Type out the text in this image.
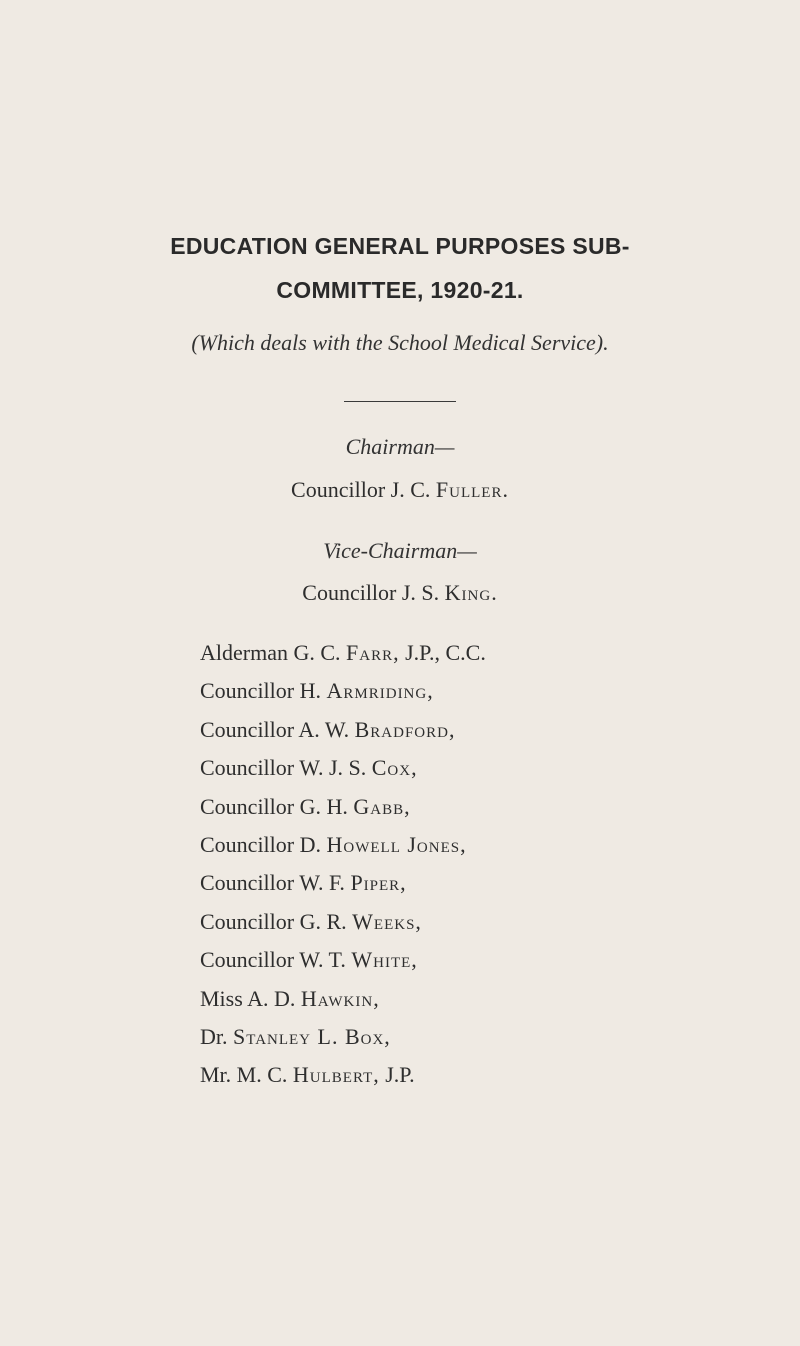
EDUCATION GENERAL PURPOSES SUB-
COMMITTEE, 1920-21.
(Which deals with the School Medical Service).
Chairman—
Councillor J. C. Fuller.
Vice-Chairman—
Councillor J. S. King.
Alderman G. C. Farr, J.P., C.C.
Councillor H. Armriding,
Councillor A. W. Bradford,
Councillor W. J. S. Cox,
Councillor G. H. Gabb,
Councillor D. Howell Jones,
Councillor W. F. Piper,
Councillor G. R. Weeks,
Councillor W. T. White,
Miss A. D. Hawkin,
Dr. Stanley L. Box,
Mr. M. C. Hulbert, J.P.
